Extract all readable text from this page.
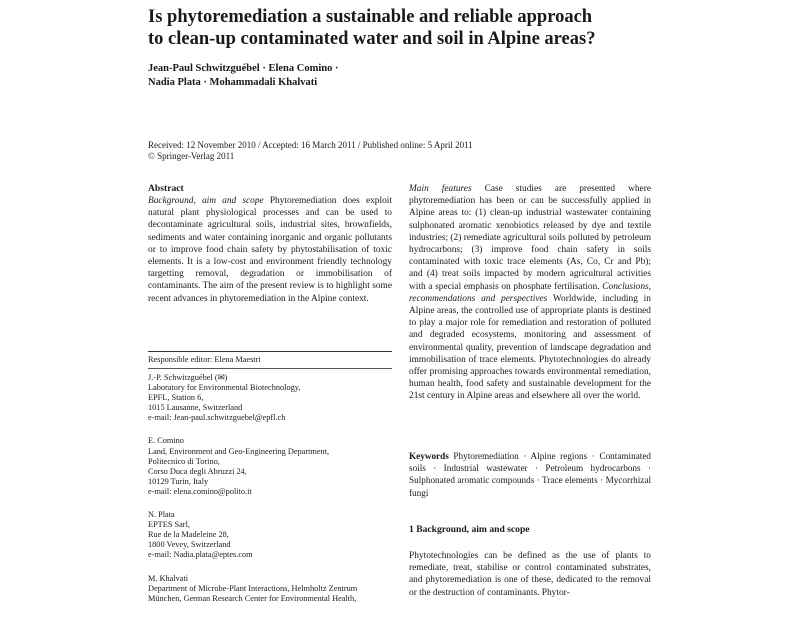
Is phytoremediation a sustainable and reliable approach
to clean-up contaminated water and soil in Alpine areas?
Jean-Paul Schwitzguébel · Elena Comino ·
Nadia Plata · Mohammadali Khalvati
Received: 12 November 2010 / Accepted: 16 March 2011 / Published online: 5 April 2011
© Springer-Verlag 2011

Abstract

Background, aim and scope Phytoremediation does exploit natural plant physiological processes and can be used to decontaminate agricultural soils, industrial sites, brownfields, sediments and water containing inorganic and organic pollutants or to improve food chain safety by phytostabilisation of toxic elements. It is a low-cost and environment friendly technology targetting removal, degradation or immobilisation of contaminants. The aim of the present review is to highlight some recent advances in phytoremediation in the Alpine context.

Responsible editor: Elena Maestri
J.-P. Schwitzguébel (✉)
Laboratory for Environmental Biotechnology,
EPFL, Station 6,
1015 Lausanne, Switzerland
e-mail: Jean-paul.schwitzguebel@epfl.ch
E. Comino
Land, Environment and Geo-Engineering Department,
Politecnico di Torino,
Corso Duca degli Abruzzi 24,
10129 Turin, Italy
e-mail: elena.comino@polito.it
N. Plata
EPTES Sarl,
Rue de la Madeleine 28,
1800 Vevey, Switzerland
e-mail: Nadia.plata@eptes.com
M. Khalvati
Department of Microbe-Plant Interactions, Helmholtz Zentrum
München, German Research Center for Environmental Health,

Main features Case studies are presented where phytoremediation has been or can be successfully applied in Alpine areas to: (1) clean-up industrial wastewater containing sulphonated aromatic xenobiotics released by dye and textile industries; (2) remediate agricultural soils polluted by petroleum hydrocarbons; (3) improve food chain safety in soils contaminated with toxic trace elements (As, Co, Cr and Pb); and (4) treat soils impacted by modern agricultural activities with a special emphasis on phosphate fertilisation. Conclusions, recommendations and perspectives Worldwide, including in Alpine areas, the controlled use of appropriate plants is destined to play a major role for remediation and restoration of polluted and degraded ecosystems, monitoring and assessment of environmental quality, prevention of landscape degradation and immobilisation of trace elements. Phytotechnologies do already offer promising approaches towards environmental remediation, human health, food safety and sustainable development for the 21st century in Alpine areas and elsewhere all over the world.

Keywords Phytoremediation · Alpine regions · Contaminated soils · Industrial wastewater · Petroleum hydrocarbons · Sulphonated aromatic compounds · Trace elements · Mycorrhizal fungi
1 Background, aim and scope

Phytotechnologies can be defined as the use of plants to remediate, treat, stabilise or control contaminated substrates, and phytoremediation is one of these, dedicated to the removal or the destruction of contaminants. Phytor-
